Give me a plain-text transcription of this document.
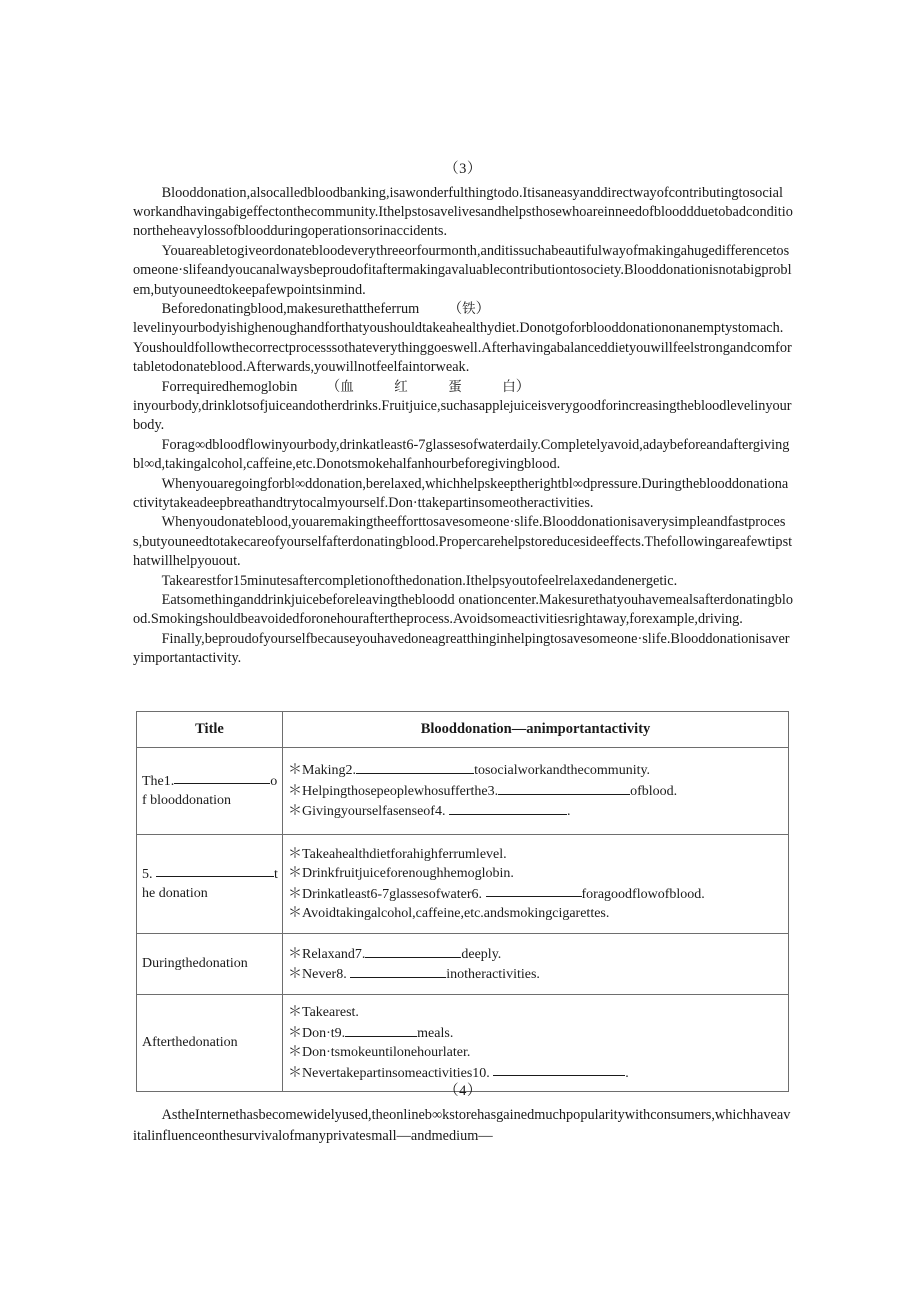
（3）

Blooddonation,alsocalledbloodbanking,isawonderfulthingtodo.Itisaneasyanddirectwayofcontributingtosocialworkandhavingabigeffectonthecommunity.Ithelpstosavelivesandhelpsthosewhoareinneedofblooddduetobadconditionortheheavylossofbloodduringoperationsorinaccidents.

Youareabletogiveordonatebloodeverythreeorfourmonth,anditissuchabeautifulwayofmakingahugedifferencetosomeone·slifeandyoucanalwaysbeproudofitaftermakingavaluablecontributiontosociety.Blooddonationisnotabigproblem,butyouneedtokeepafewpointsinmind.

Beforedonatingblood,makesurethattheferrum （铁）

levelinyourbodyishighenoughandforthatyoushouldtakeahealthydiet.Donotgoforblooddonationonanemptystomach.Youshouldfollowthecorrectprocesssothateverythinggoeswell.Afterhavingabalanceddietyouwillfeelstrongandcomfortabletodonateblood.Afterwards,youwillnotfeelfaintorweak.

Forrequiredhemoglobin （血　　　红　　　蛋　　　白）

inyourbody,drinklotsofjuiceandotherdrinks.Fruitjuice,suchasapplejuiceisverygoodforincreasingthebloodlevelinyourbody.

Forag∞dbloodflowinyourbody,drinkatleast6-7glassesofwaterdaily.Completelyavoid,adaybeforeandaftergivingbl∞d,takingalcohol,caffeine,etc.Donotsmokehalfanhourbeforegivingblood.

Whenyouaregoingforbl∞ddonation,berelaxed,whichhelpskeeptherightbl∞dpressure.Duringtheblooddonationactivitytakeadeepbreathandtrytocalmyourself.Don·ttakepartinsomeotheractivities.

Whenyoudonateblood,youaremakingtheefforttosavesomeone·slife.Blooddonationisaverysimpleandfastprocess,butyouneedtotakecareofyourselfafterdonatingblood.Propercarehelpstoreducesideeffects.Thefollowingareafewtipsthatwillhelpyouout.

Takearestfor15minutesaftercompletionofthedonation.Ithelpsyoutofeelrelaxedandenergetic.

Eatsomethinganddrinkjuicebeforeleavingthebloodd onationcenter.Makesurethatyouhavemealsafterdonatingblood.Smokingshouldbeavoidedforonehouraftertheprocess.Avoidsomeactivitiesrightaway,forexample,driving.

Finally,beproudofyourselfbecauseyouhavedoneagreatthinginhelpingtosavesomeone·slife.Blooddonationisaveryimportantactivity.

Title	Blooddonation—animportantactivity

The1. of blooddonation	＊Making2. tosocialworkandthecommunity.
＊Helpingthosepeoplewhosufferthe3. ofblood.
＊Givingyourselfasenseof4. .

5. the donation	＊Takeahealthdietforahighferrumlevel.
＊Drinkfruitjuiceforenoughhemoglobin.
＊Drinkatleast6-7glassesofwater6. foragoodflowofblood.
＊Avoidtakingalcohol,caffeine,etc.andsmokingcigarettes.

Duringthedonation	＊Relaxand7. deeply.
＊Never8. inotheractivities.

Afterthedonation	＊Takearest.
＊Don·t9. meals.
＊Don·tsmokeuntilonehourlater.
＊Nevertakepartinsomeactivities10. .
（4）

AstheInternethasbecomewidelyused,theonlineb∞kstorehasgainedmuchpopularitywithconsumers,whichhaveavitalinfluenceonthesurvivalofmanyprivatesmall—andmedium—
